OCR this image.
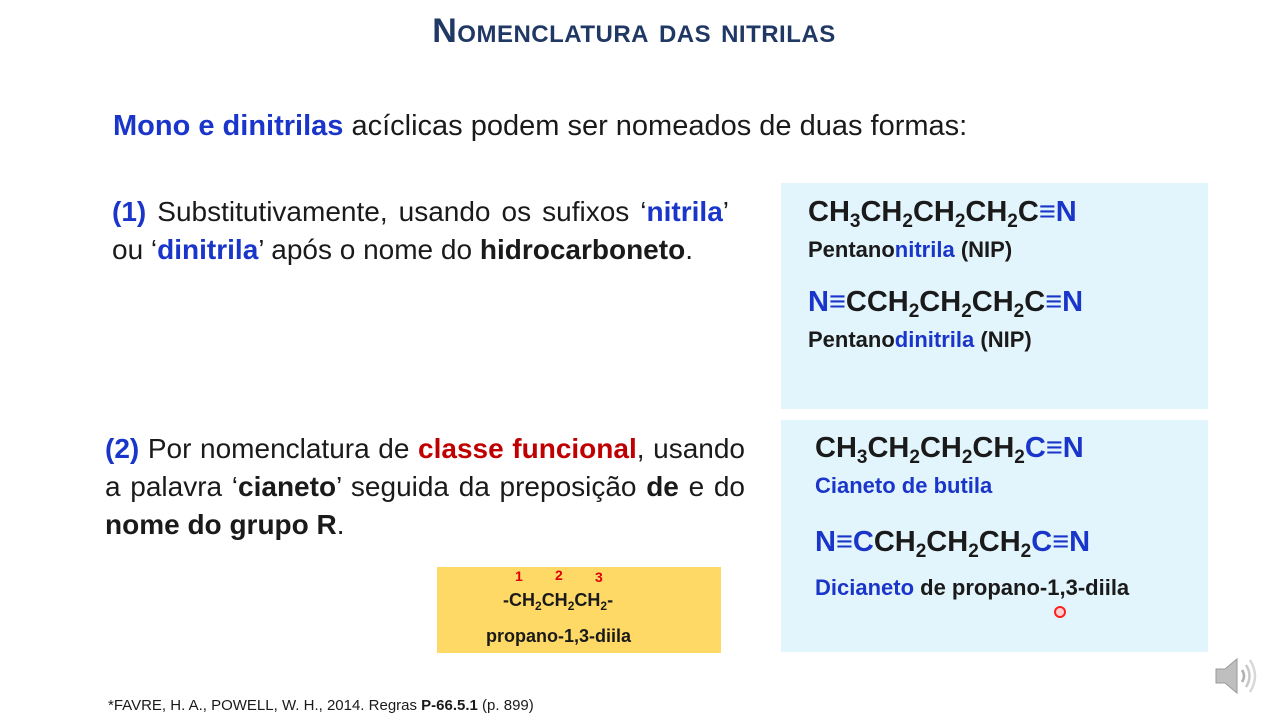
Nomenclatura das nitrilas
Mono e dinitrilas acíclicas podem ser nomeados de duas formas:
(1) Substitutivamente, usando os sufixos ‘nitrila’ ou ‘dinitrila’ após o nome do hidrocarboneto.
$CH_3CH_2CH_2CH_2C\equiv N$
Pentanonitrila (NIP)
$N\equiv CCH_2CH_2CH_2C\equiv N$
Pentanodinitrila (NIP)
(2) Por nomenclatura de classe funcional, usando a palavra ‘cianeto’ seguida da preposição de e do nome do grupo R.
$CH_3CH_2CH_2CH_2C\equiv N$
Cianeto de butila
$N\equiv CCH_2CH_2CH_2C\equiv N$
Dicianeto de propano-1,3-diila
1 2 3
$-CH_2CH_2CH_2-$
propano-1,3-diila
*FAVRE, H. A., POWELL, W. H., 2014. Regras P-66.5.1 (p. 899)
